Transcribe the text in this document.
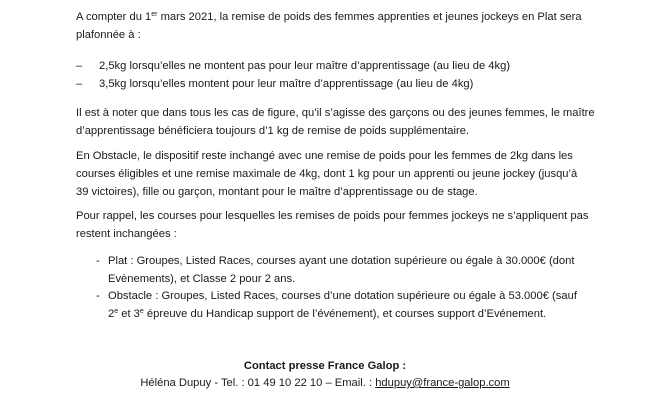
A compter du 1er mars 2021, la remise de poids des femmes apprenties et jeunes jockeys en Plat sera
plafonnée à :

– 2,5kg lorsqu’elles ne montent pas pour leur maître d’apprentissage (au lieu de 4kg)
– 3,5kg lorsqu’elles montent pour leur maître d’apprentissage (au lieu de 4kg)

Il est à noter que dans tous les cas de figure, qu’il s’agisse des garçons ou des jeunes femmes, le maître
d’apprentissage bénéficiera toujours d’1 kg de remise de poids supplémentaire.

En Obstacle, le dispositif reste inchangé avec une remise de poids pour les femmes de 2kg dans les
courses éligibles et une remise maximale de 4kg, dont 1 kg pour un apprenti ou jeune jockey (jusqu’à
39 victoires), fille ou garçon, montant pour le maître d’apprentissage ou de stage.

Pour rappel, les courses pour lesquelles les remises de poids pour femmes jockeys ne s’appliquent pas
restent inchangées :

- Plat : Groupes, Listed Races, courses ayant une dotation supérieure ou égale à 30.000€ (dont
Evènements), et Classe 2 pour 2 ans.
- Obstacle : Groupes, Listed Races, courses d’une dotation supérieure ou égale à 53.000€ (sauf
2e et 3e épreuve du Handicap support de l’événement), et courses support d’Evénement.
Contact presse France Galop :
Héléna Dupuy - Tel. : 01 49 10 22 10 – Email. : hdupuy@france-galop.com
